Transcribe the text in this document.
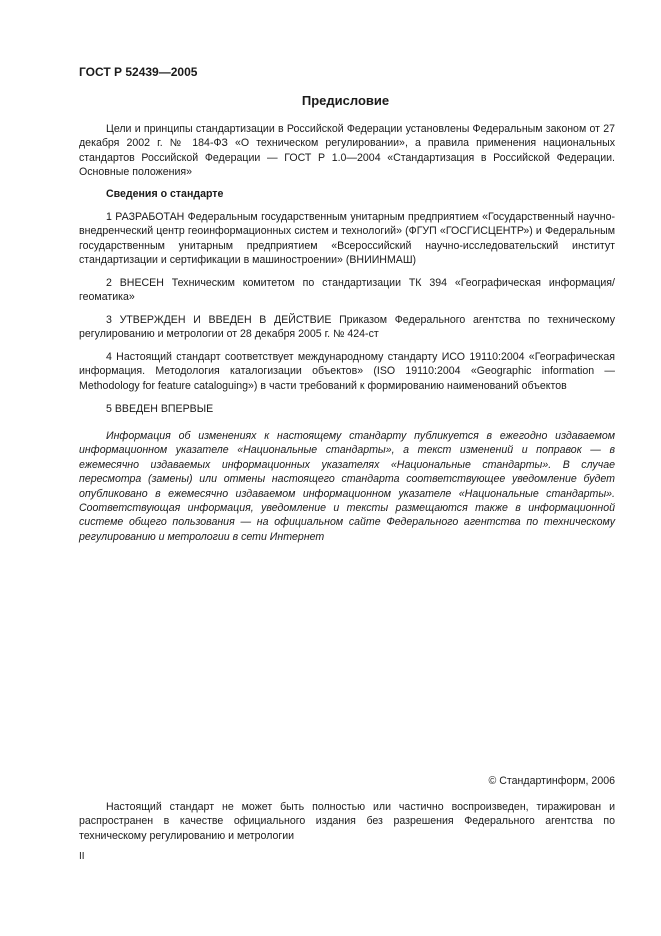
ГОСТ Р 52439—2005
Предисловие

Цели и принципы стандартизации в Российской Федерации установлены Федеральным законом от 27 декабря 2002 г. № 184-ФЗ «О техническом регулировании», а правила применения национальных стандартов Российской Федерации — ГОСТ Р 1.0—2004 «Стандартизация в Российской Федерации. Основные положения»

Сведения о стандарте

1 РАЗРАБОТАН Федеральным государственным унитарным предприятием «Государственный научно-внедренческий центр геоинформационных систем и технологий» (ФГУП «ГОСГИСЦЕНТР») и Федеральным государственным унитарным предприятием «Всероссийский научно-исследовательский институт стандартизации и сертификации в машиностроении» (ВНИИНМАШ)

2 ВНЕСЕН Техническим комитетом по стандартизации ТК 394 «Географическая информация/геоматика»

3 УТВЕРЖДЕН И ВВЕДЕН В ДЕЙСТВИЕ Приказом Федерального агентства по техническому регулированию и метрологии от 28 декабря 2005 г. № 424-ст

4 Настоящий стандарт соответствует международному стандарту ИСО 19110:2004 «Географическая информация. Методология каталогизации объектов» (ISO 19110:2004 «Geographic information — Methodology for feature cataloguing») в части требований к формированию наименований объектов

5 ВВЕДЕН ВПЕРВЫЕ

Информация об изменениях к настоящему стандарту публикуется в ежегодно издаваемом информационном указателе «Национальные стандарты», а текст изменений и поправок — в ежемесячно издаваемых информационных указателях «Национальные стандарты». В случае пересмотра (замены) или отмены настоящего стандарта соответствующее уведомление будет опубликовано в ежемесячно издаваемом информационном указателе «Национальные стандарты». Соответствующая информация, уведомление и тексты размещаются также в информационной системе общего пользования — на официальном сайте Федерального агентства по техническому регулированию и метрологии в сети Интернет

© Стандартинформ, 2006

Настоящий стандарт не может быть полностью или частично воспроизведен, тиражирован и распространен в качестве официального издания без разрешения Федерального агентства по техническому регулированию и метрологии

II
